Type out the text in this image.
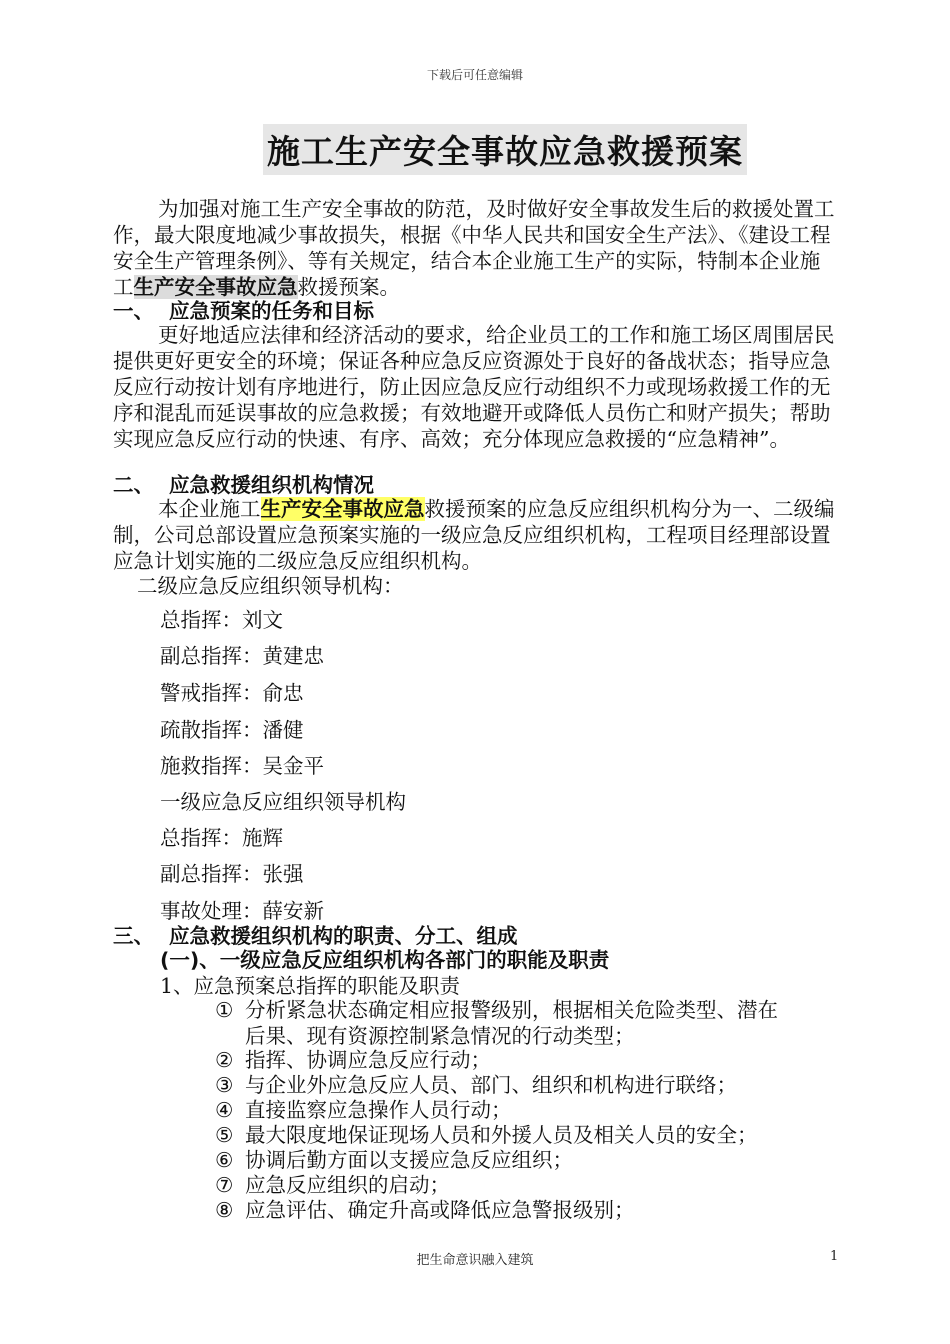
下载后可任意编辑
施工生产安全事故应急救援预案
为加强对施工生产安全事故的防范，及时做好安全事故发生后的救援处置工作，最大限度地减少事故损失，根据《中华人民共和国安全生产法》、《建设工程安全生产管理条例》、等有关规定，结合本企业施工生产的实际，特制本企业施工生产安全事故应急救援预案。
一、 应急预案的任务和目标
更好地适应法律和经济活动的要求，给企业员工的工作和施工场区周围居民提供更好更安全的环境；保证各种应急反应资源处于良好的备战状态；指导应急反应行动按计划有序地进行，防止因应急反应行动组织不力或现场救援工作的无序和混乱而延误事故的应急救援；有效地避开或降低人员伤亡和财产损失；帮助实现应急反应行动的快速、有序、高效；充分体现应急救援的“应急精神”。
二、 应急救援组织机构情况
本企业施工生产安全事故应急救援预案的应急反应组织机构分为一、二级编制，公司总部设置应急预案实施的一级应急反应组织机构，工程项目经理部设置应急计划实施的二级应急反应组织机构。
二级应急反应组织领导机构：
总指挥：刘文
副总指挥：黄建忠
警戒指挥：俞忠
疏散指挥：潘健
施救指挥：吴金平
一级应急反应组织领导机构
总指挥：施辉
副总指挥：张强
事故处理：薛安新
三、 应急救援组织机构的职责、分工、组成
(一)、一级应急反应组织机构各部门的职能及职责
1、应急预案总指挥的职能及职责
① 分析紧急状态确定相应报警级别，根据相关危险类型、潜在
后果、现有资源控制紧急情况的行动类型；
② 指挥、协调应急反应行动；
③ 与企业外应急反应人员、部门、组织和机构进行联络；
④ 直接监察应急操作人员行动；
⑤ 最大限度地保证现场人员和外援人员及相关人员的安全；
⑥ 协调后勤方面以支援应急反应组织；
⑦ 应急反应组织的启动；
⑧ 应急评估、确定升高或降低应急警报级别；
把生命意识融入建筑	1
